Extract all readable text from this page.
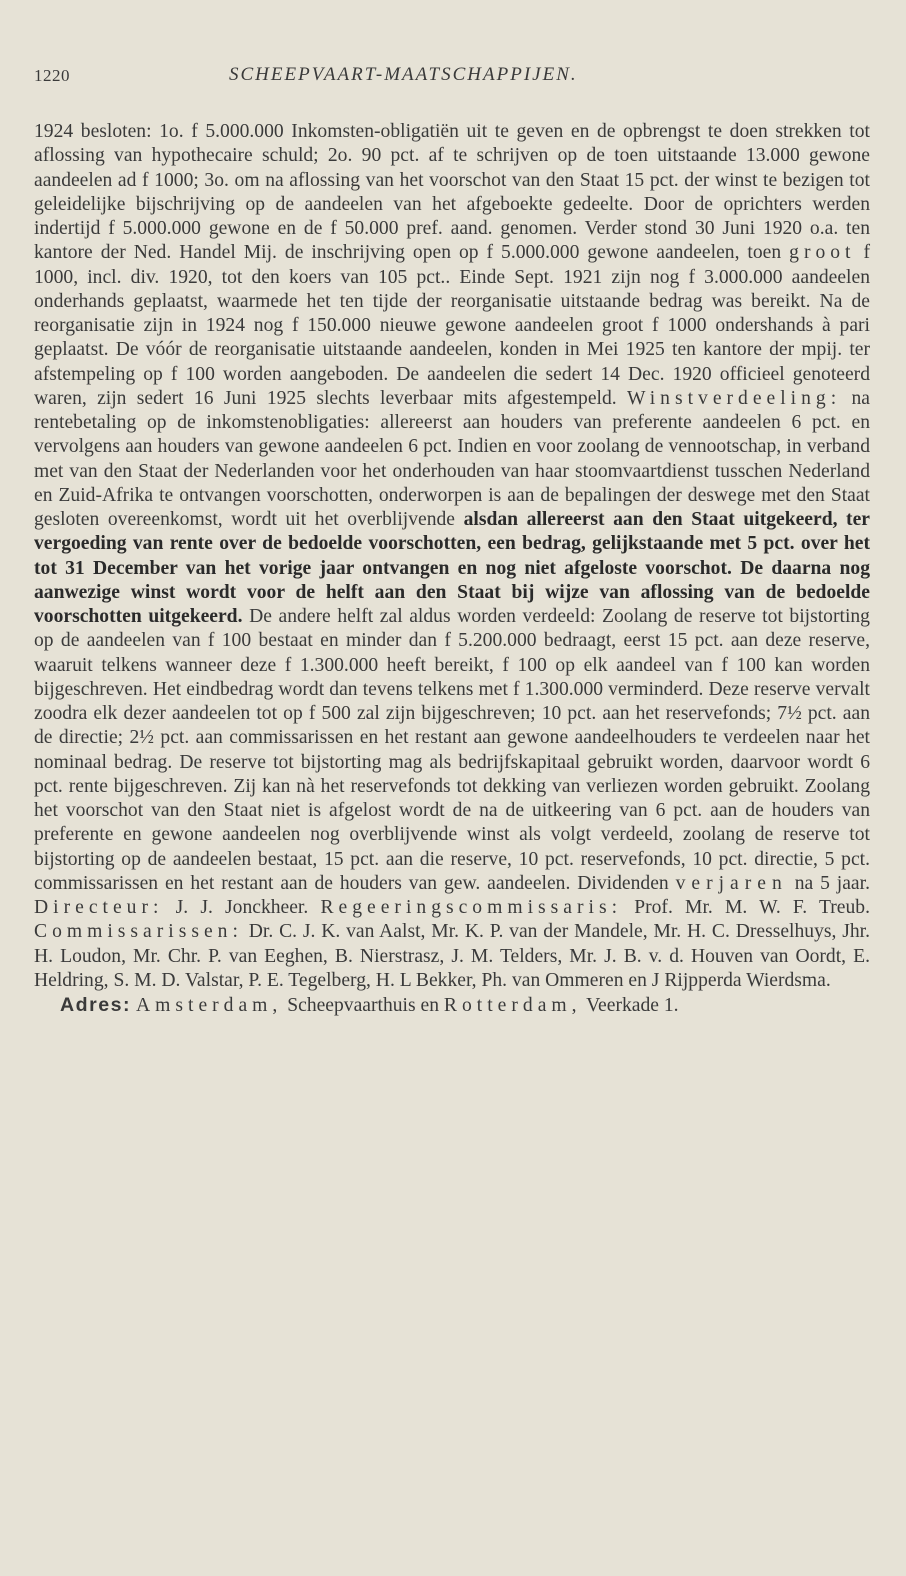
1220	SCHEEPVAART-MAATSCHAPPIJEN.

1924 besloten: 1o. f 5.000.000 Inkomsten-obligatiën uit te geven en de opbrengst te doen strekken tot aflossing van hypothecaire schuld; 2o. 90 pct. af te schrijven op de toen uitstaande 13.000 gewone aandeelen ad f 1000; 3o. om na aflossing van het voorschot van den Staat 15 pct. der winst te bezigen tot geleidelijke bijschrijving op de aandeelen van het afgeboekte gedeelte. Door de oprichters werden indertijd f 5.000.000 gewone en de f 50.000 pref. aand. genomen. Verder stond 30 Juni 1920 o.a. ten kantore der Ned. Handel Mij. de inschrijving open op f 5.000.000 gewone aandeelen, toen groot f 1000, incl. div. 1920, tot den koers van 105 pct.. Einde Sept. 1921 zijn nog f 3.000.000 aandeelen onderhands geplaatst, waarmede het ten tijde der reorganisatie uitstaande bedrag was bereikt. Na de reorganisatie zijn in 1924 nog f 150.000 nieuwe gewone aandeelen groot f 1000 ondershands à pari geplaatst. De vóór de reorganisatie uitstaande aandeelen, konden in Mei 1925 ten kantore der mpij. ter afstempeling op f 100 worden aangeboden. De aandeelen die sedert 14 Dec. 1920 officieel genoteerd waren, zijn sedert 16 Juni 1925 slechts leverbaar mits afgestempeld. Winstverdeeling: na rentebetaling op de inkomstenobligaties: allereerst aan houders van preferente aandeelen 6 pct. en vervolgens aan houders van gewone aandeelen 6 pct. Indien en voor zoolang de vennootschap, in verband met van den Staat der Nederlanden voor het onderhouden van haar stoomvaartdienst tusschen Nederland en Zuid-Afrika te ontvangen voorschotten, onderworpen is aan de bepalingen der deswege met den Staat gesloten overeenkomst, wordt uit het overblijvende alsdan allereerst aan den Staat uitgekeerd, ter vergoeding van rente over de bedoelde voorschotten, een bedrag, gelijkstaande met 5 pct. over het tot 31 December van het vorige jaar ontvangen en nog niet afgeloste voorschot. De daarna nog aanwezige winst wordt voor de helft aan den Staat bij wijze van aflossing van de bedoelde voorschotten uitgekeerd. De andere helft zal aldus worden verdeeld: Zoolang de reserve tot bijstorting op de aandeelen van f 100 bestaat en minder dan f 5.200.000 bedraagt, eerst 15 pct. aan deze reserve, waaruit telkens wanneer deze f 1.300.000 heeft bereikt, f 100 op elk aandeel van f 100 kan worden bijgeschreven. Het eindbedrag wordt dan tevens telkens met f 1.300.000 verminderd. Deze reserve vervalt zoodra elk dezer aandeelen tot op f 500 zal zijn bijgeschreven; 10 pct. aan het reservefonds; 7½ pct. aan de directie; 2½ pct. aan commissarissen en het restant aan gewone aandeelhouders te verdeelen naar het nominaal bedrag. De reserve tot bijstorting mag als bedrijfskapitaal gebruikt worden, daarvoor wordt 6 pct. rente bijgeschreven. Zij kan nà het reservefonds tot dekking van verliezen worden gebruikt. Zoolang het voorschot van den Staat niet is afgelost wordt de na de uitkeering van 6 pct. aan de houders van preferente en gewone aandeelen nog overblijvende winst als volgt verdeeld, zoolang de reserve tot bijstorting op de aandeelen bestaat, 15 pct. aan die reserve, 10 pct. reservefonds, 10 pct. directie, 5 pct. commissarissen en het restant aan de houders van gew. aandeelen. Dividenden verjaren na 5 jaar. Directeur: J. J. Jonckheer. Regeeringscommissaris: Prof. Mr. M. W. F. Treub. Commissarissen: Dr. C. J. K. van Aalst, Mr. K. P. van der Mandele, Mr. H. C. Dresselhuys, Jhr. H. Loudon, Mr. Chr. P. van Eeghen, B. Nierstrasz, J. M. Telders, Mr. J. B. v. d. Houven van Oordt, E. Heldring, S. M. D. Valstar, P. E. Tegelberg, H. L Bekker, Ph. van Ommeren en J Rijpperda Wierdsma.

Adres: Amsterdam, Scheepvaarthuis en Rotterdam, Veerkade 1.
